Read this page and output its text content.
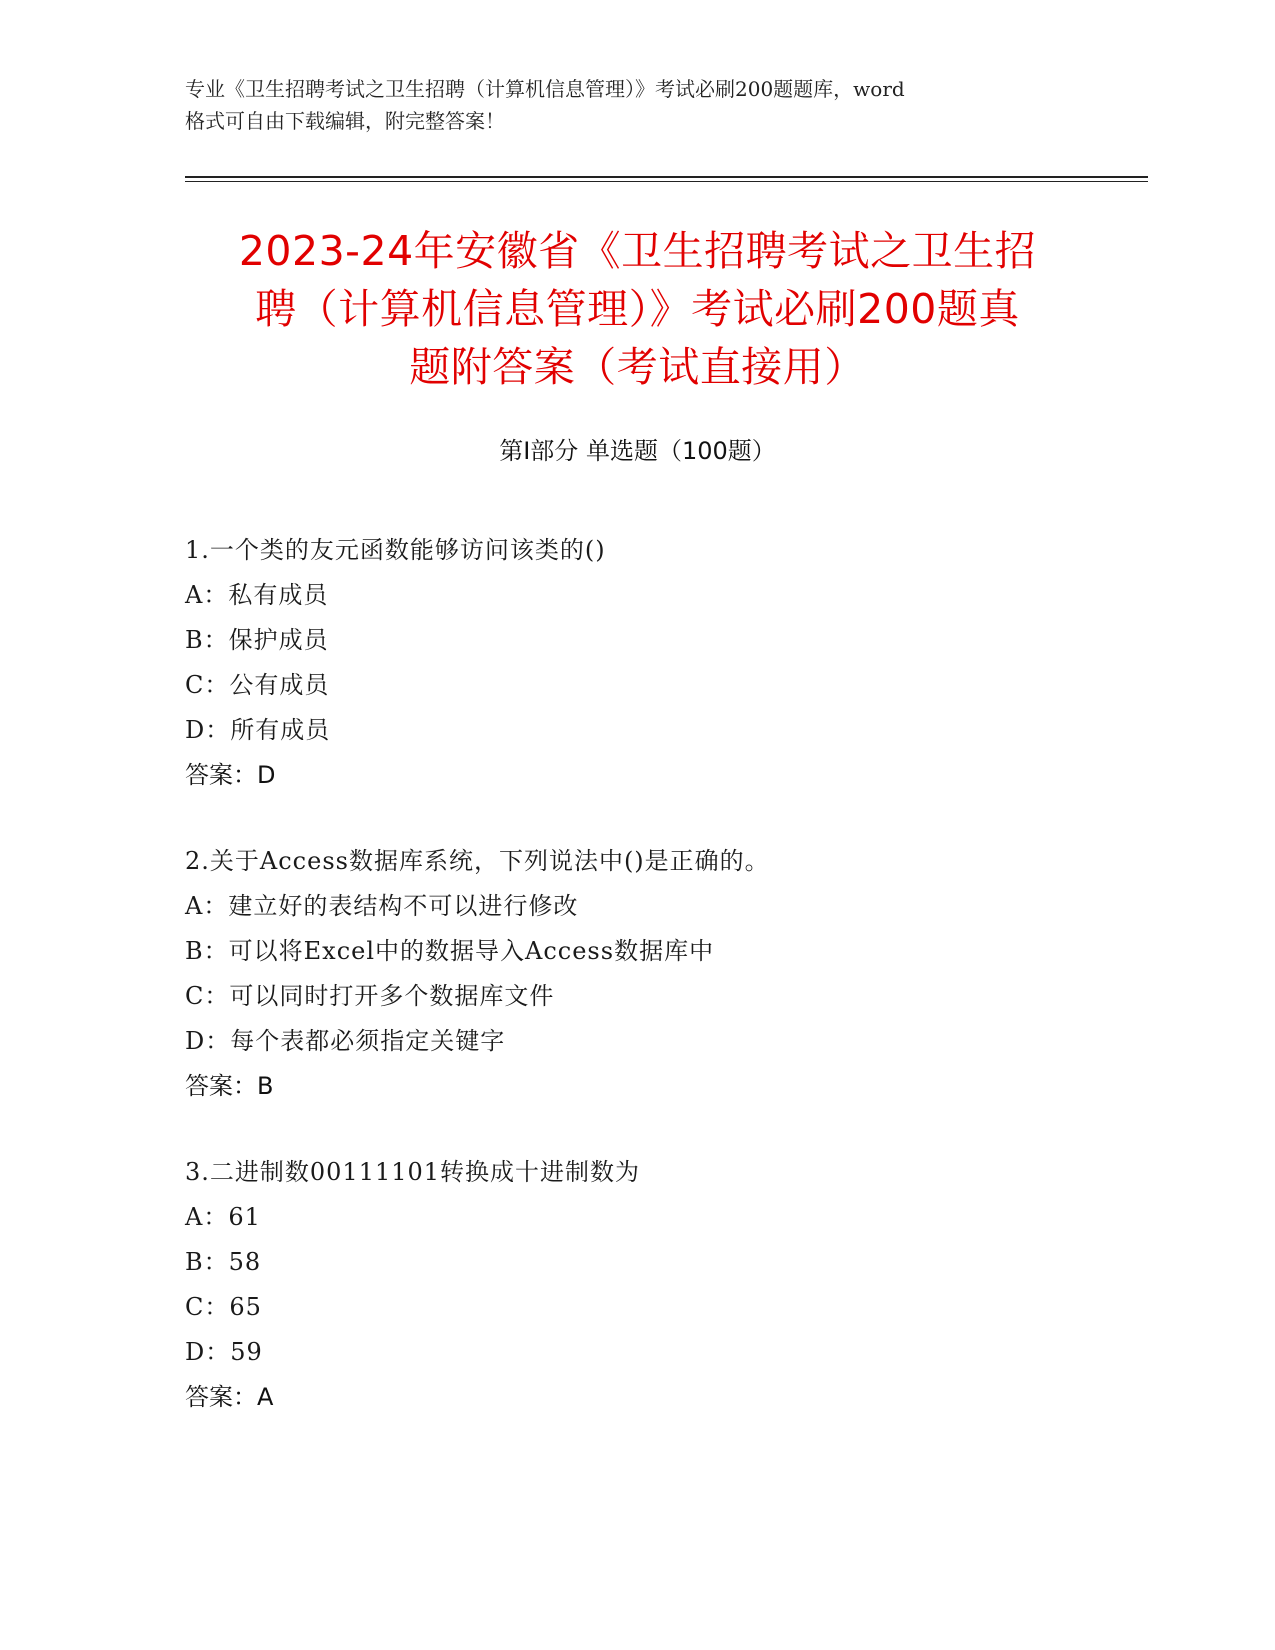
专业《卫生招聘考试之卫生招聘（计算机信息管理）》考试必刷200题题库，word
格式可自由下载编辑，附完整答案！
2023-24年安徽省《卫生招聘考试之卫生招
聘（计算机信息管理）》考试必刷200题真
题附答案（考试直接用）
第Ⅰ部分 单选题（100题）
1.一个类的友元函数能够访问该类的()
A：私有成员
B：保护成员
C：公有成员
D：所有成员
答案：D
2.关于Access数据库系统，下列说法中()是正确的。
A：建立好的表结构不可以进行修改
B：可以将Excel中的数据导入Access数据库中
C：可以同时打开多个数据库文件
D：每个表都必须指定关键字
答案：B
3.二进制数00111101转换成十进制数为
A：61
B：58
C：65
D：59
答案：A
